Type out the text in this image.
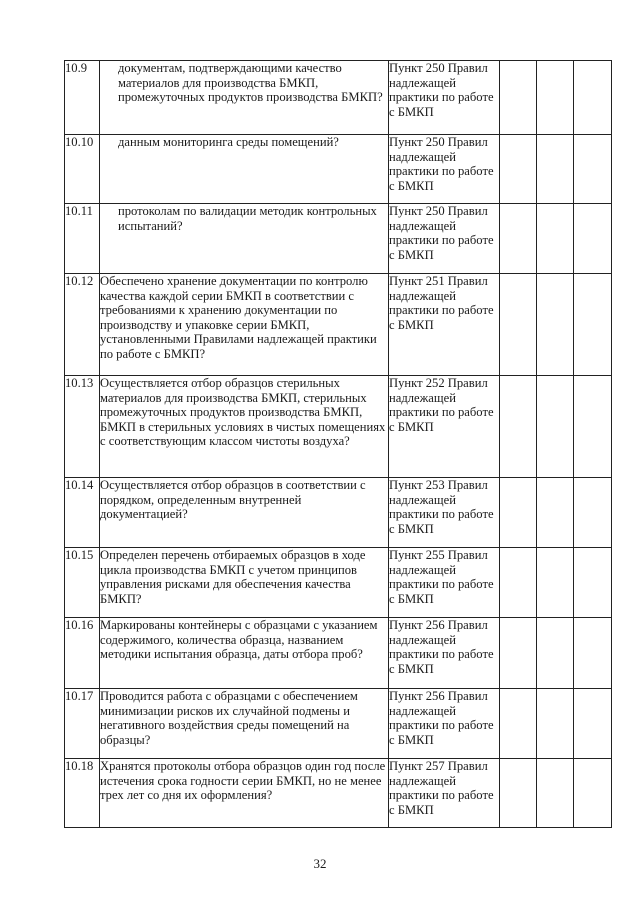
10.9	документам, подтверждающими качество материалов для производства БМКП, промежуточных продуктов производства БМКП?	Пункт 250 Правил надлежащей практики по работе с БМКП			
10.10	данным мониторинга среды помещений?	Пункт 250 Правил надлежащей практики по работе с БМКП			
10.11	протоколам по валидации методик контрольных испытаний?	Пункт 250 Правил надлежащей практики по работе с БМКП			
10.12	Обеспечено хранение документации по контролю качества каждой серии БМКП в соответствии с требованиями к хранению документации по производству и упаковке серии БМКП, установленными Правилами надлежащей практики по работе с БМКП?	Пункт 251 Правил надлежащей практики по работе с БМКП			
10.13	Осуществляется отбор образцов стерильных материалов для производства БМКП, стерильных промежуточных продуктов производства БМКП, БМКП в стерильных условиях в чистых помещениях с соответствующим классом чистоты воздуха?	Пункт 252 Правил надлежащей практики по работе с БМКП			
10.14	Осуществляется отбор образцов в соответствии с порядком, определенным внутренней документацией?	Пункт 253 Правил надлежащей практики по работе с БМКП			
10.15	Определен перечень отбираемых образцов в ходе цикла производства БМКП с учетом принципов управления рисками для обеспечения качества БМКП?	Пункт 255 Правил надлежащей практики по работе с БМКП			
10.16	Маркированы контейнеры с образцами с указанием содержимого, количества образца, названием методики испытания образца, даты отбора проб?	Пункт 256 Правил надлежащей практики по работе с БМКП			
10.17	Проводится работа с образцами с обеспечением минимизации рисков их случайной подмены и негативного воздействия среды помещений на образцы?	Пункт 256 Правил надлежащей практики по работе с БМКП			
10.18	Хранятся протоколы отбора образцов один год после истечения срока годности серии БМКП, но не менее трех лет со дня их оформления?	Пункт 257 Правил надлежащей практики по работе с БМКП			
32
